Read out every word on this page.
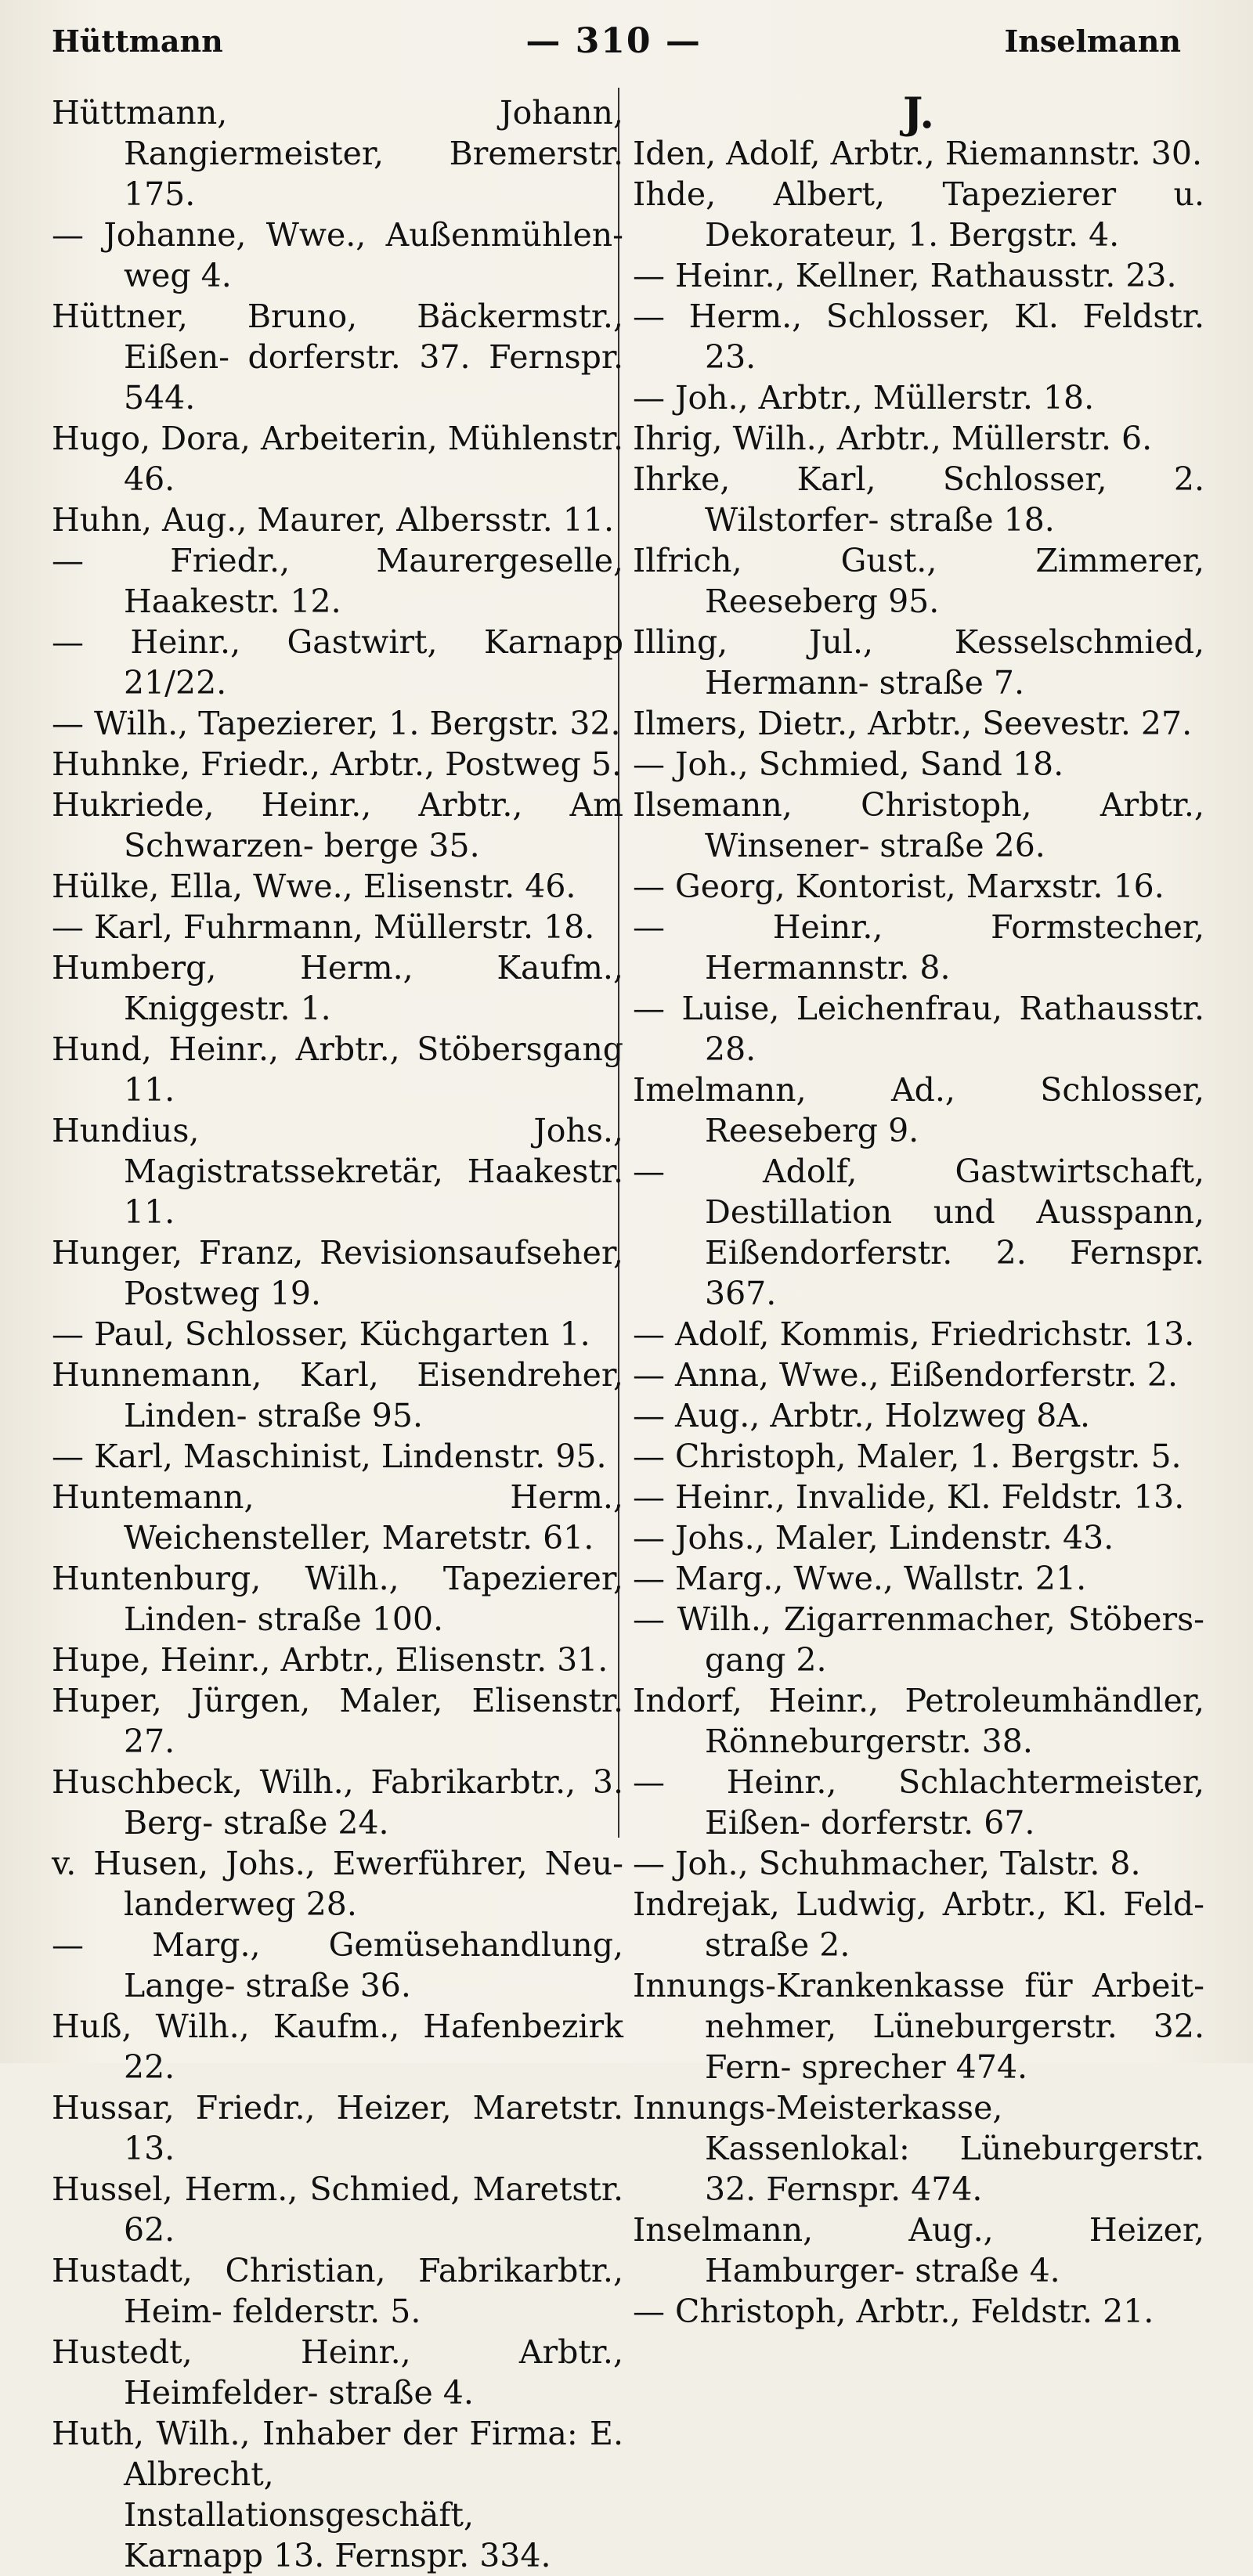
Hüttmann	— 310 —	Inselmann
Hüttmann, Johann, Rangiermeister, Bremerstr. 175.
— Johanne, Wwe., Außenmühlen- weg 4.
Hüttner, Bruno, Bäckermstr., Eißen- dorferstr. 37. Fernspr. 544.
Hugo, Dora, Arbeiterin, Mühlenstr. 46.
Huhn, Aug., Maurer, Albersstr. 11.
— Friedr., Maurergeselle, Haakestr. 12.
— Heinr., Gastwirt, Karnapp 21/22.
— Wilh., Tapezierer, 1. Bergstr. 32.
Huhnke, Friedr., Arbtr., Postweg 5.
Hukriede, Heinr., Arbtr., Am Schwarzen- berge 35.
Hülke, Ella, Wwe., Elisenstr. 46.
— Karl, Fuhrmann, Müllerstr. 18.
Humberg, Herm., Kaufm., Kniggestr. 1.
Hund, Heinr., Arbtr., Stöbersgang 11.
Hundius, Johs., Magistratssekretär, Haakestr. 11.
Hunger, Franz, Revisionsaufseher, Postweg 19.
— Paul, Schlosser, Küchgarten 1.
Hunnemann, Karl, Eisendreher, Linden- straße 95.
— Karl, Maschinist, Lindenstr. 95.
Huntemann, Herm., Weichensteller, Maretstr. 61.
Huntenburg, Wilh., Tapezierer, Linden- straße 100.
Hupe, Heinr., Arbtr., Elisenstr. 31.
Huper, Jürgen, Maler, Elisenstr. 27.
Huschbeck, Wilh., Fabrikarbtr., 3. Berg- straße 24.
v. Husen, Johs., Ewerführer, Neu- landerweg 28.
— Marg., Gemüsehandlung, Lange- straße 36.
Huß, Wilh., Kaufm., Hafenbezirk 22.
Hussar, Friedr., Heizer, Maretstr. 13.
Hussel, Herm., Schmied, Maretstr. 62.
Hustadt, Christian, Fabrikarbtr., Heim- felderstr. 5.
Hustedt, Heinr., Arbtr., Heimfelder- straße 4.
Huth, Wilh., Inhaber der Firma: E. Albrecht, Installationsgeschäft, Karnapp 13. Fernspr. 334.
J.
Iden, Adolf, Arbtr., Riemannstr. 30.
Ihde, Albert, Tapezierer u. Dekorateur, 1. Bergstr. 4.
— Heinr., Kellner, Rathausstr. 23.
— Herm., Schlosser, Kl. Feldstr. 23.
— Joh., Arbtr., Müllerstr. 18.
Ihrig, Wilh., Arbtr., Müllerstr. 6.
Ihrke, Karl, Schlosser, 2. Wilstorfer- straße 18.
Ilfrich, Gust., Zimmerer, Reeseberg 95.
Illing, Jul., Kesselschmied, Hermann- straße 7.
Ilmers, Dietr., Arbtr., Seevestr. 27.
— Joh., Schmied, Sand 18.
Ilsemann, Christoph, Arbtr., Winsener- straße 26.
— Georg, Kontorist, Marxstr. 16.
— Heinr., Formstecher, Hermannstr. 8.
— Luise, Leichenfrau, Rathausstr. 28.
Imelmann, Ad., Schlosser, Reeseberg 9.
— Adolf, Gastwirtschaft, Destillation und Ausspann, Eißendorferstr. 2. Fernspr. 367.
— Adolf, Kommis, Friedrichstr. 13.
— Anna, Wwe., Eißendorferstr. 2.
— Aug., Arbtr., Holzweg 8A.
— Christoph, Maler, 1. Bergstr. 5.
— Heinr., Invalide, Kl. Feldstr. 13.
— Johs., Maler, Lindenstr. 43.
— Marg., Wwe., Wallstr. 21.
— Wilh., Zigarrenmacher, Stöbers- gang 2.
Indorf, Heinr., Petroleumhändler, Rönneburgerstr. 38.
— Heinr., Schlachtermeister, Eißen- dorferstr. 67.
— Joh., Schuhmacher, Talstr. 8.
Indrejak, Ludwig, Arbtr., Kl. Feld- straße 2.
Innungs-Krankenkasse für Arbeit- nehmer, Lüneburgerstr. 32. Fern- sprecher 474.
Innungs-Meisterkasse, Kassenlokal: Lüneburgerstr. 32. Fernspr. 474.
Inselmann, Aug., Heizer, Hamburger- straße 4.
— Christoph, Arbtr., Feldstr. 21.
